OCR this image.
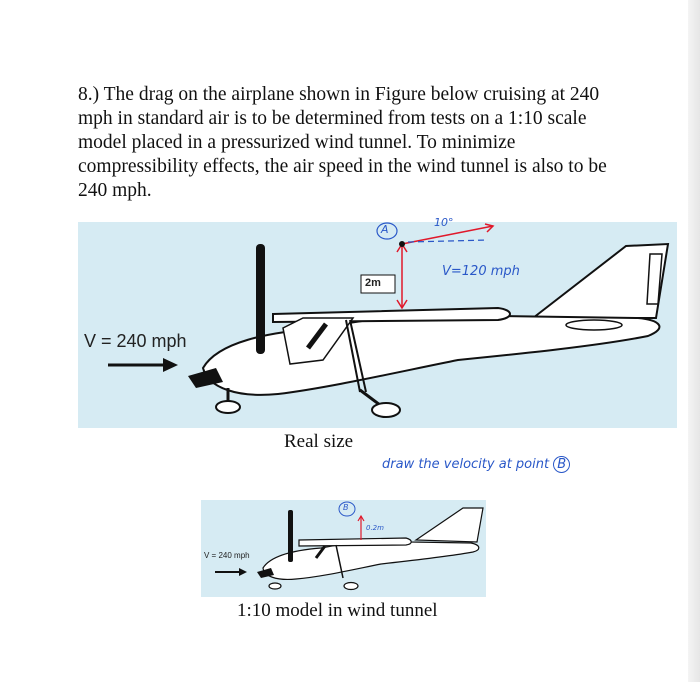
8.) The drag on the airplane shown in Figure below cruising at 240 mph in standard air is to be determined from tests on a 1:10 scale model placed in a pressurized wind tunnel. To minimize compressibility effects, the air speed in the wind tunnel is also to be 240 mph.

V = 240 mph
A
2m
10°
V=120 mph
Real size
draw the velocity at point B
V = 240 mph
B
0.2m
1:10 model in wind tunnel
